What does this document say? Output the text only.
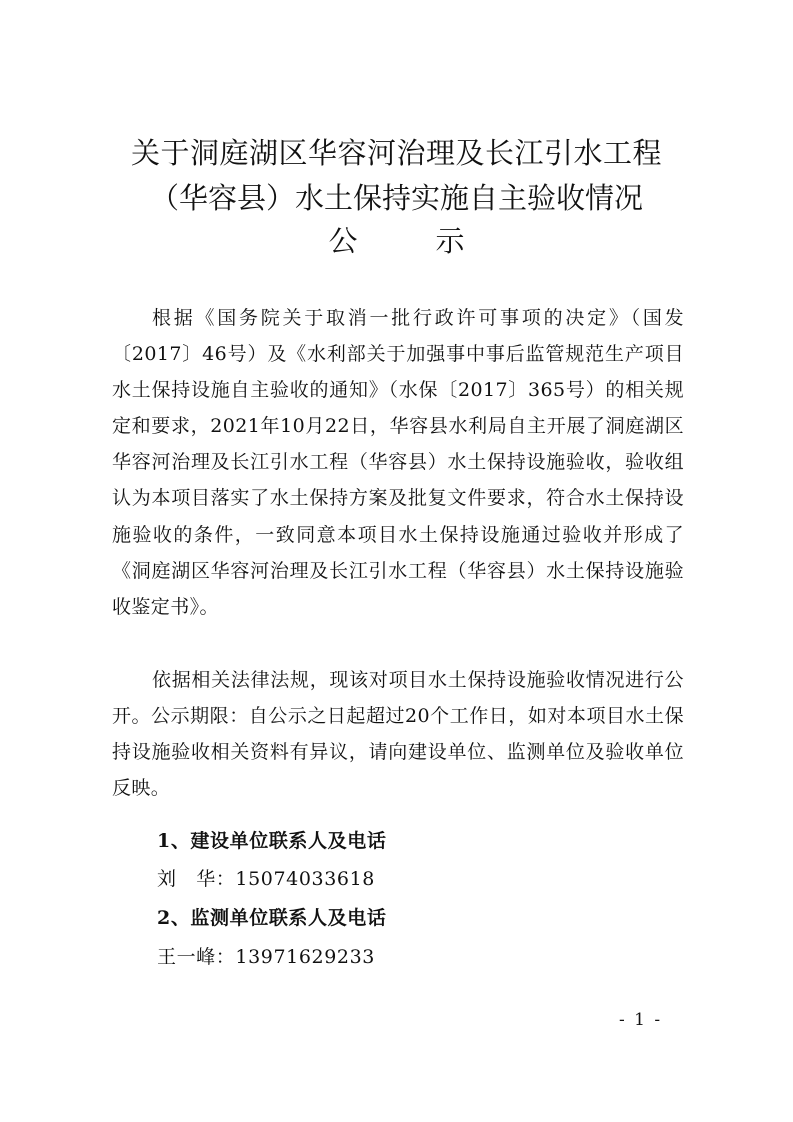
关于洞庭湖区华容河治理及长江引水工程
（华容县）水土保持实施自主验收情况
公	示
根据《国务院关于取消一批行政许可事项的决定》（国发〔2017〕46号）及《水利部关于加强事中事后监管规范生产项目水土保持设施自主验收的通知》（水保〔2017〕365号）的相关规定和要求，2021年10月22日，华容县水利局自主开展了洞庭湖区华容河治理及长江引水工程（华容县）水土保持设施验收，验收组认为本项目落实了水土保持方案及批复文件要求，符合水土保持设施验收的条件，一致同意本项目水土保持设施通过验收并形成了《洞庭湖区华容河治理及长江引水工程（华容县）水土保持设施验收鉴定书》。
依据相关法律法规，现该对项目水土保持设施验收情况进行公开。公示期限：自公示之日起超过20个工作日，如对本项目水土保持设施验收相关资料有异议，请向建设单位、监测单位及验收单位反映。
1、建设单位联系人及电话
刘　华：15074033618
2、监测单位联系人及电话
王一峰：13971629233
- 1 -
